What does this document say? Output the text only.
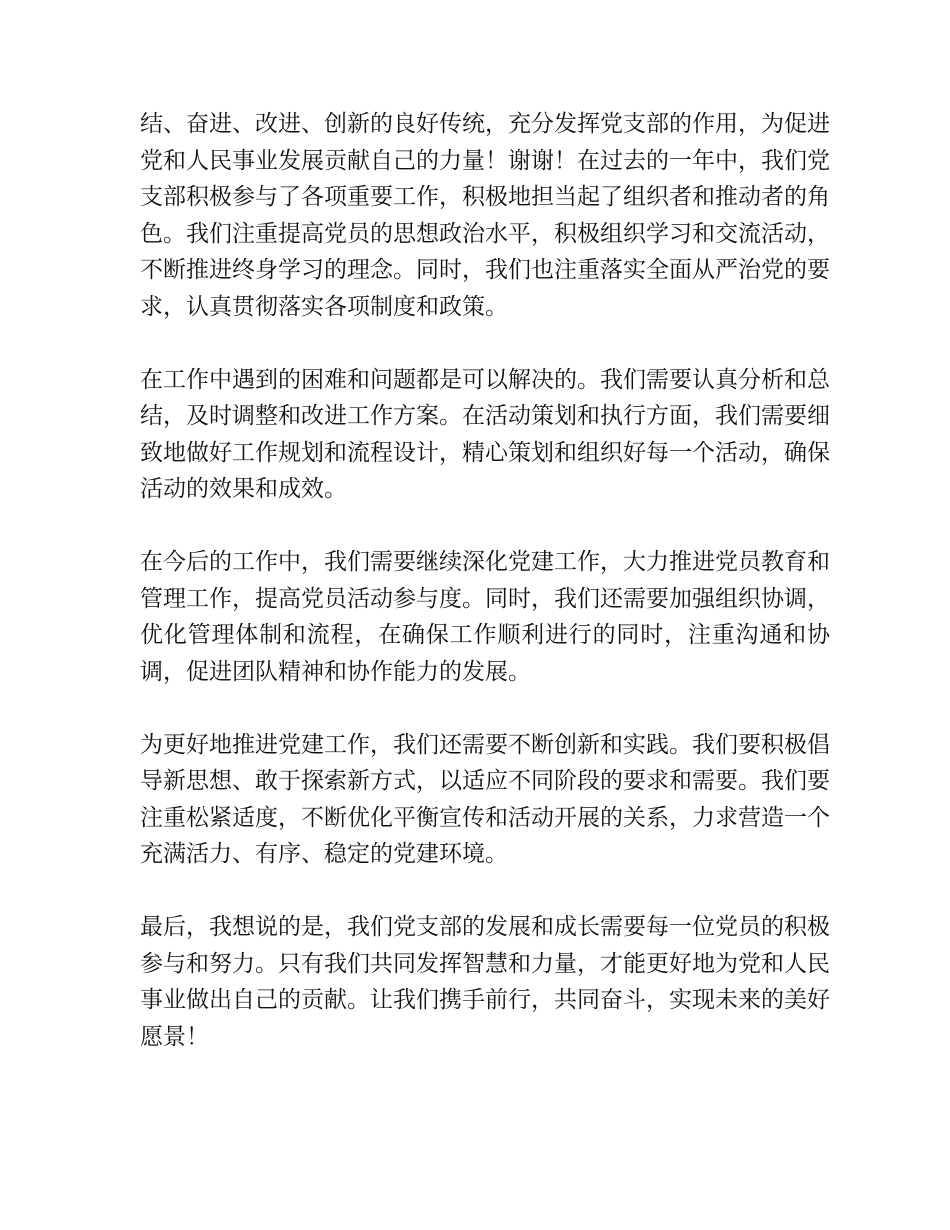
结、奋进、改进、创新的良好传统，充分发挥党支部的作用，为促进党和人民事业发展贡献自己的力量！谢谢！在过去的一年中，我们党支部积极参与了各项重要工作，积极地担当起了组织者和推动者的角色。我们注重提高党员的思想政治水平，积极组织学习和交流活动，不断推进终身学习的理念。同时，我们也注重落实全面从严治党的要求，认真贯彻落实各项制度和政策。

在工作中遇到的困难和问题都是可以解决的。我们需要认真分析和总结，及时调整和改进工作方案。在活动策划和执行方面，我们需要细致地做好工作规划和流程设计，精心策划和组织好每一个活动，确保活动的效果和成效。

在今后的工作中，我们需要继续深化党建工作，大力推进党员教育和管理工作，提高党员活动参与度。同时，我们还需要加强组织协调，优化管理体制和流程，在确保工作顺利进行的同时，注重沟通和协调，促进团队精神和协作能力的发展。

为更好地推进党建工作，我们还需要不断创新和实践。我们要积极倡导新思想、敢于探索新方式，以适应不同阶段的要求和需要。我们要注重松紧适度，不断优化平衡宣传和活动开展的关系，力求营造一个充满活力、有序、稳定的党建环境。

最后，我想说的是，我们党支部的发展和成长需要每一位党员的积极参与和努力。只有我们共同发挥智慧和力量，才能更好地为党和人民事业做出自己的贡献。让我们携手前行，共同奋斗，实现未来的美好愿景！
